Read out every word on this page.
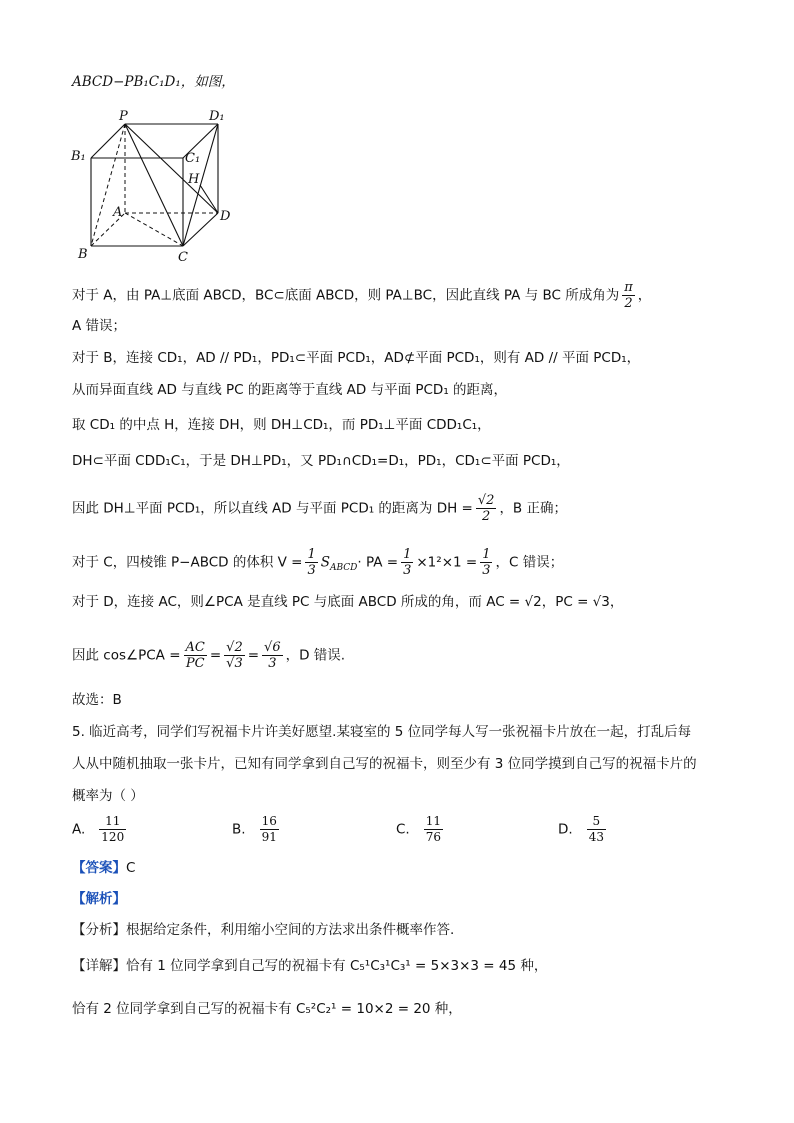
ABCD−PB₁C₁D₁，如图，
P	D₁
B₁	C₁
H
A	D
B	C
对于 A，由 PA⊥底面 ABCD，BC⊂底面 ABCD，则 PA⊥BC，因此直线 PA 与 BC 所成角为 $\frac{\pi}{2}$ ，
A 错误；
对于 B，连接 CD₁，AD // PD₁，PD₁⊂平面 PCD₁，AD⊄平面 PCD₁，则有 AD // 平面 PCD₁，
从而异面直线 AD 与直线 PC 的距离等于直线 AD 与平面 PCD₁ 的距离，
取 CD₁ 的中点 H，连接 DH，则 DH⊥CD₁，而 PD₁⊥平面 CDD₁C₁，
DH⊂平面 CDD₁C₁，于是 DH⊥PD₁，又 PD₁∩CD₁=D₁，PD₁，CD₁⊂平面 PCD₁，
因此 DH⊥平面 PCD₁，所以直线 AD 与平面 PCD₁ 的距离为 DH = $\frac{√2}{2}$ ，B 正确；
对于 C，四棱锥 P−ABCD 的体积 $V = \frac{1}{3} S_{ABCD}\cdot$ PA = $\frac{1}{3} \times 1^2\times 1 = \frac{1}{3}$ ，C 错误；
对于 D，连接 AC，则∠PCA 是直线 PC 与底面 ABCD 所成的角，而 AC = √2，PC = √3，
因此 cos∠PCA = $\frac{AC}{PC} = \frac{√2}{√3} = \frac{√6}{3}$ ，D 错误.
故选：B
5. 临近高考，同学们写祝福卡片许美好愿望.某寝室的 5 位同学每人写一张祝福卡片放在一起，打乱后每
人从中随机抽取一张卡片，已知有同学拿到自己写的祝福卡，则至少有 3 位同学摸到自己写的祝福卡片的
概率为（ ）
A. $\frac{11}{120}$	B. $\frac{16}{91}$	C. $\frac{11}{76}$	D. $\frac{5}{43}$
【答案】C
【解析】
【分析】根据给定条件，利用缩小空间的方法求出条件概率作答.
【详解】恰有 1 位同学拿到自己写的祝福卡有 C₅¹C₃¹C₃¹ = 5×3×3 = 45 种，
恰有 2 位同学拿到自己写的祝福卡有 C₅²C₂¹ = 10×2 = 20 种，
